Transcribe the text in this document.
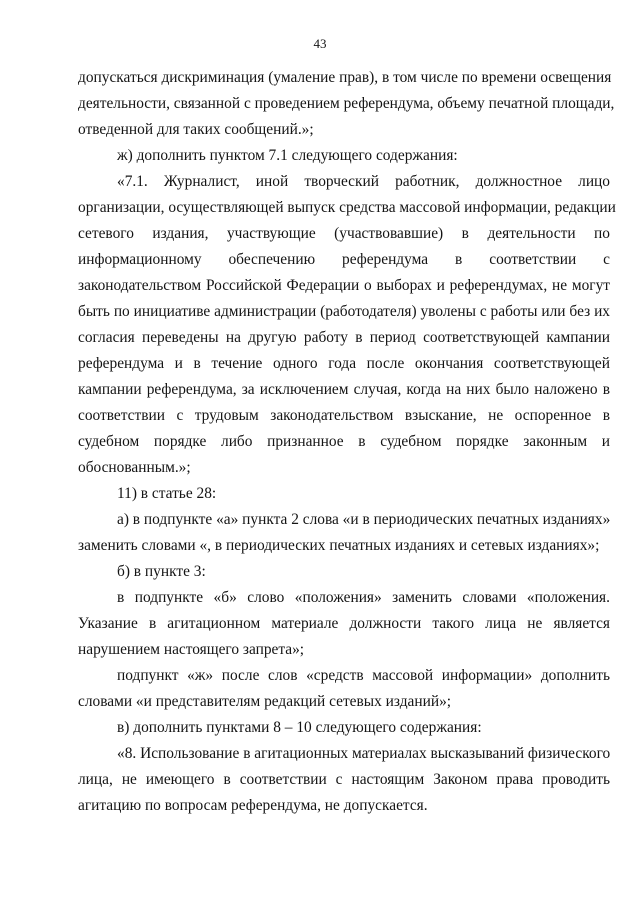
43
допускаться дискриминация (умаление прав), в том числе по времени освещения
деятельности, связанной с проведением референдума, объему печатной площади,
отведенной для таких сообщений.»;
ж) дополнить пунктом 7.1 следующего содержания:
«7.1. Журналист, иной творческий работник, должностное лицо
организации, осуществляющей выпуск средства массовой информации, редакции
сетевого издания, участвующие (участвовавшие) в деятельности по
информационному обеспечению референдума в соответствии с
законодательством Российской Федерации о выборах и референдумах, не могут
быть по инициативе администрации (работодателя) уволены с работы или без их
согласия переведены на другую работу в период соответствующей кампании
референдума и в течение одного года после окончания соответствующей
кампании референдума, за исключением случая, когда на них было наложено в
соответствии с трудовым законодательством взыскание, не оспоренное в
судебном порядке либо признанное в судебном порядке законным и
обоснованным.»;
11) в статье 28:
а) в подпункте «а» пункта 2 слова «и в периодических печатных изданиях»
заменить словами «, в периодических печатных изданиях и сетевых изданиях»;
б) в пункте 3:
в подпункте «б» слово «положения» заменить словами «положения.
Указание в агитационном материале должности такого лица не является
нарушением настоящего запрета»;
подпункт «ж» после слов «средств массовой информации» дополнить
словами «и представителям редакций сетевых изданий»;
в) дополнить пунктами 8 – 10 следующего содержания:
«8. Использование в агитационных материалах высказываний физического
лица, не имеющего в соответствии с настоящим Законом права проводить
агитацию по вопросам референдума, не допускается.
